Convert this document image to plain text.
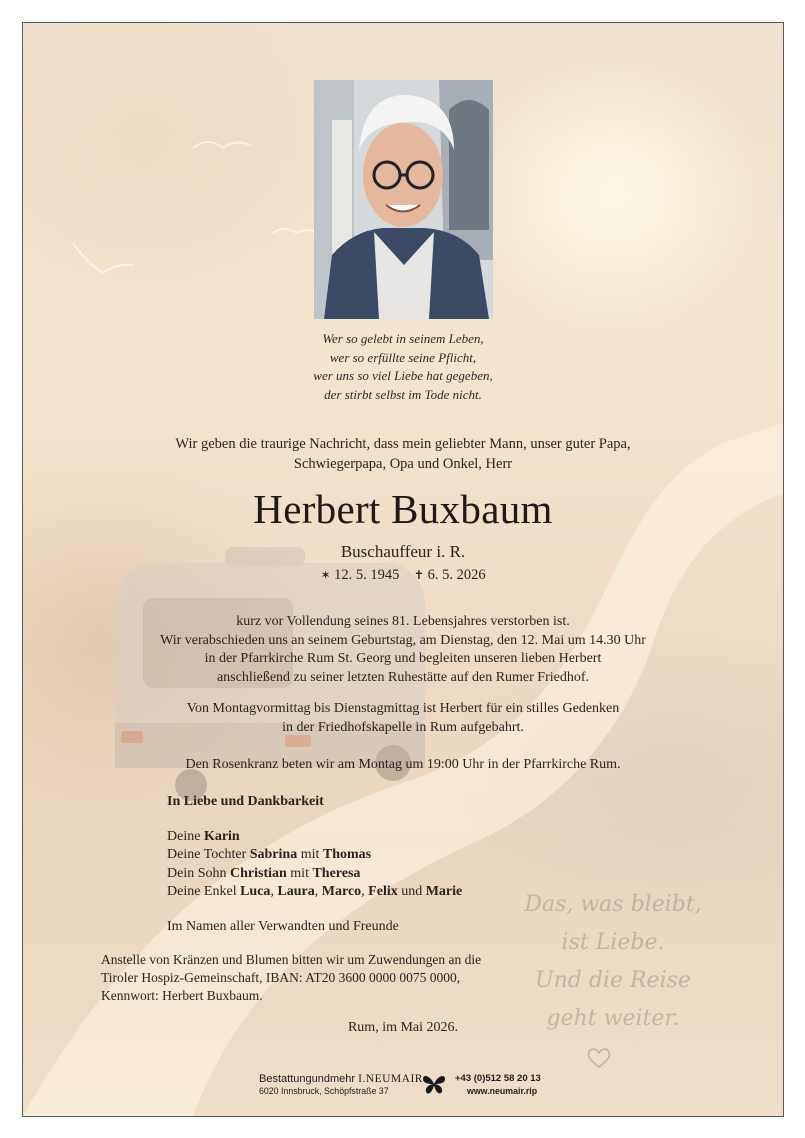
Wer so gelebt in seinem Leben,
wer so erfüllte seine Pflicht,
wer uns so viel Liebe hat gegeben,
der stirbt selbst im Tode nicht.
Wir geben die traurige Nachricht, dass mein geliebter Mann, unser guter Papa,
Schwiegerpapa, Opa und Onkel, Herr
Herbert Buxbaum
Buschauffeur i. R.
✶ 12. 5. 1945 ✝ 6. 5. 2026
kurz vor Vollendung seines 81. Lebensjahres verstorben ist.
Wir verabschieden uns an seinem Geburtstag, am Dienstag, den 12. Mai um 14.30 Uhr
in der Pfarrkirche Rum St. Georg und begleiten unseren lieben Herbert
anschließend zu seiner letzten Ruhestätte auf den Rumer Friedhof.
Von Montagvormittag bis Dienstagmittag ist Herbert für ein stilles Gedenken
in der Friedhofskapelle in Rum aufgebahrt.
Den Rosenkranz beten wir am Montag um 19:00 Uhr in der Pfarrkirche Rum.
In Liebe und Dankbarkeit
Deine Karin
Deine Tochter Sabrina mit Thomas
Dein Sohn Christian mit Theresa
Deine Enkel Luca, Laura, Marco, Felix und Marie
Im Namen aller Verwandten und Freunde
Anstelle von Kränzen und Blumen bitten wir um Zuwendungen an die
Tiroler Hospiz-Gemeinschaft, IBAN: AT20 3600 0000 0075 0000,
Kennwort: Herbert Buxbaum.
Rum, im Mai 2026.
Das, was bleibt,
ist Liebe.
Und die Reise
geht weiter.
Bestattungundmehr I.NEUMAIR
6020 Innsbruck, Schöpfstraße 37
+43 (0)512 58 20 13
www.neumair.rip
